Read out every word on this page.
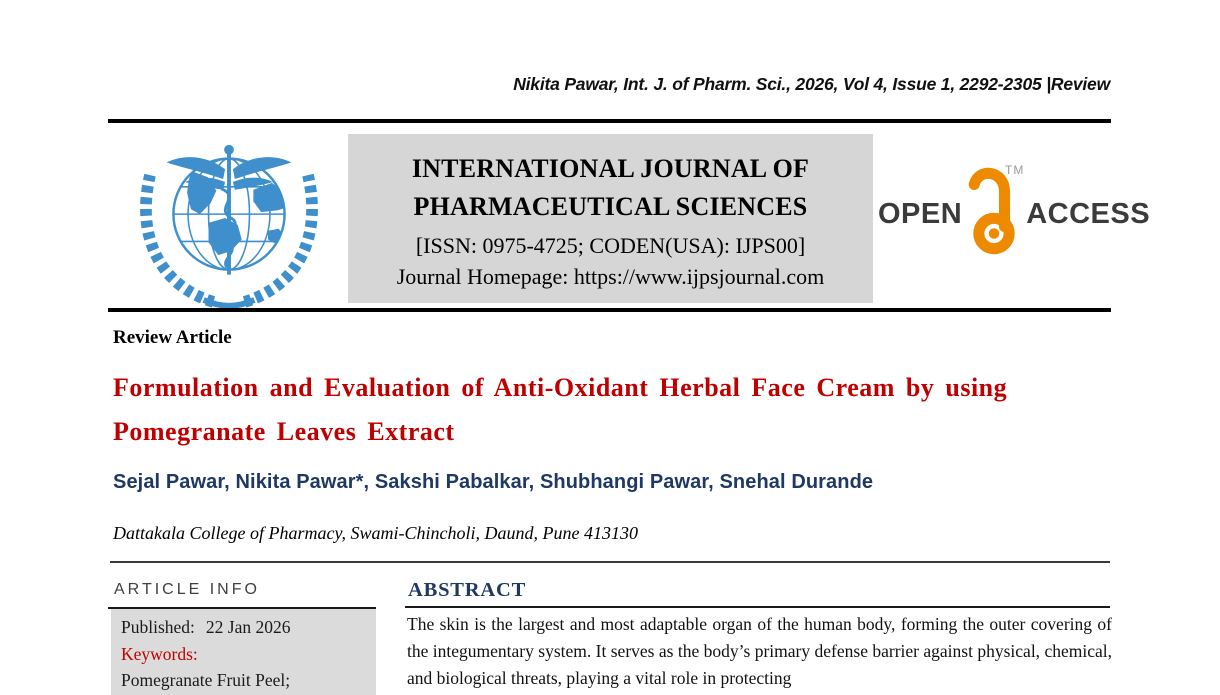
Nikita Pawar, Int. J. of Pharm. Sci., 2026, Vol 4, Issue 1, 2292-2305 |Review
INTERNATIONAL JOURNAL OF
PHARMACEUTICAL SCIENCES
[ISSN: 0975-4725; CODEN(USA): IJPS00]
Journal Homepage: https://www.ijpsjournal.com
OPEN ACCESS
TM
Review Article
Formulation and Evaluation of Anti-Oxidant Herbal Face Cream by using Pomegranate Leaves Extract
Sejal Pawar, Nikita Pawar*, Sakshi Pabalkar, Shubhangi Pawar, Snehal Durande
Dattakala College of Pharmacy, Swami-Chincholi, Daund, Pune 413130
ARTICLE INFO
Published: 22 Jan 2026
Keywords:
Pomegranate Fruit Peel;
ABSTRACT
The skin is the largest and most adaptable organ of the human body, forming the outer covering of the integumentary system. It serves as the body’s primary defense barrier against physical, chemical, and biological threats, playing a vital role in protecting
